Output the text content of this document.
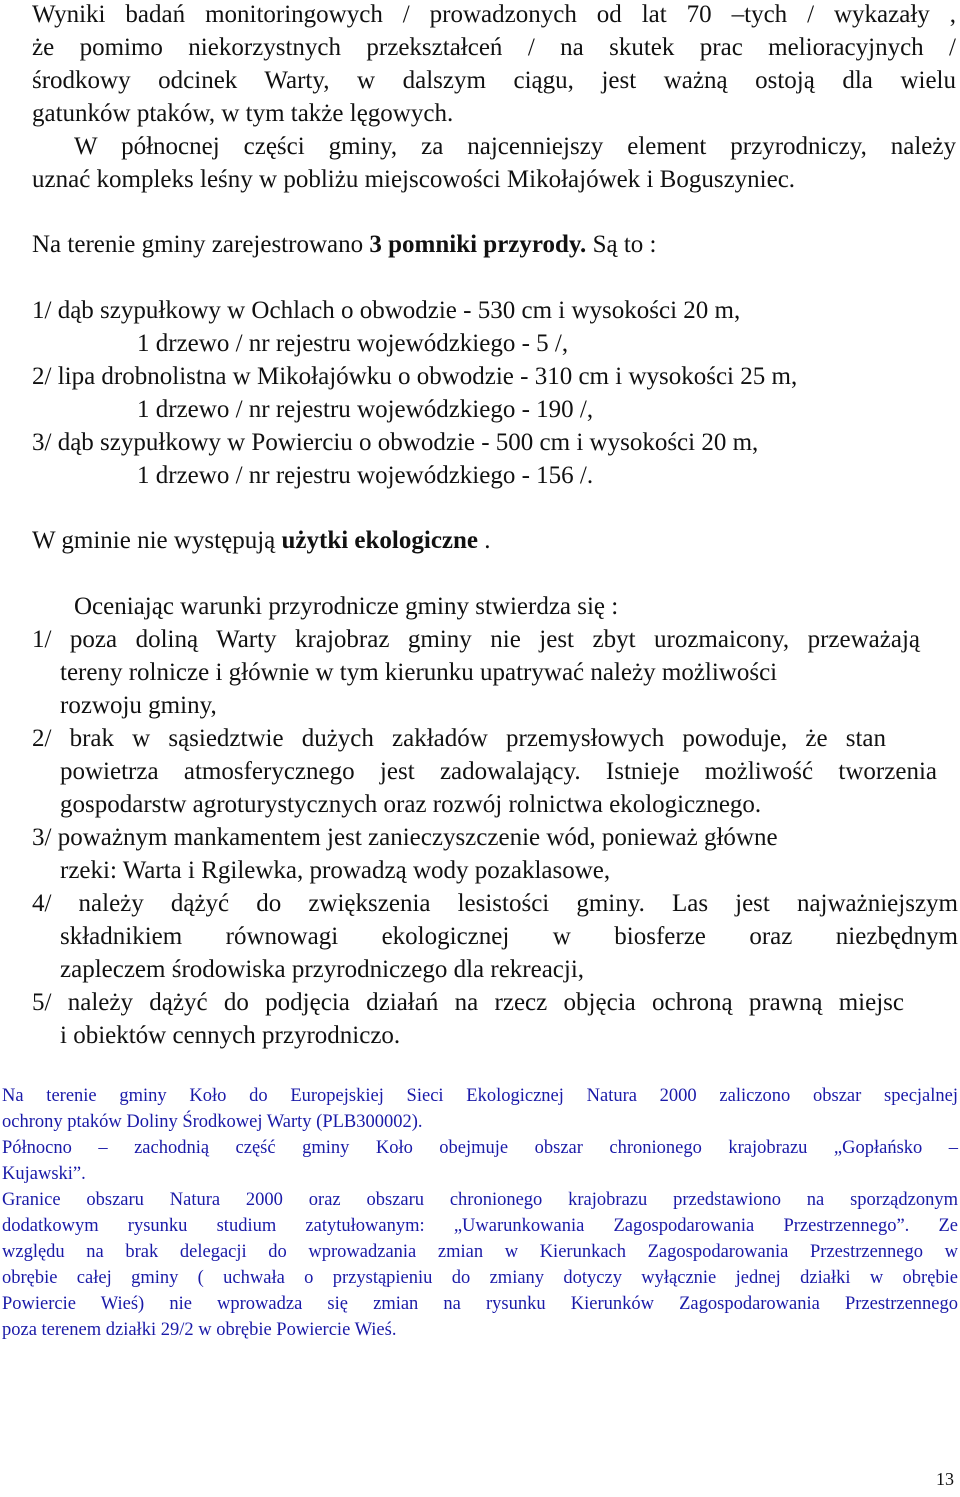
Wyniki badań monitoringowych / prowadzonych od lat 70 –tych / wykazały ,
że pomimo niekorzystnych przekształceń / na skutek prac melioracyjnych /
środkowy odcinek Warty, w dalszym ciągu, jest ważną ostoją dla wielu
gatunków ptaków, w tym także lęgowych.
W północnej części gminy, za najcenniejszy element przyrodniczy, należy
uznać kompleks leśny w pobliżu miejscowości Mikołajówek i Boguszyniec.
Na terenie gminy zarejestrowano 3 pomniki przyrody. Są to :
1/ dąb szypułkowy w Ochlach o obwodzie - 530 cm i wysokości 20 m,
1 drzewo / nr rejestru wojewódzkiego - 5 /,
2/ lipa drobnolistna w Mikołajówku o obwodzie - 310 cm i wysokości 25 m,
1 drzewo / nr rejestru wojewódzkiego - 190 /,
3/ dąb szypułkowy w Powierciu o obwodzie - 500 cm i wysokości 20 m,
1 drzewo / nr rejestru wojewódzkiego - 156 /.
W gminie nie występują użytki ekologiczne .
Oceniając warunki przyrodnicze gminy stwierdza się :
1/ poza doliną Warty krajobraz gminy nie jest zbyt urozmaicony, przeważają
tereny rolnicze i głównie w tym kierunku upatrywać należy możliwości
rozwoju gminy,
2/ brak w sąsiedztwie dużych zakładów przemysłowych powoduje, że stan
powietrza atmosferycznego jest zadowalający. Istnieje możliwość tworzenia
gospodarstw agroturystycznych oraz rozwój rolnictwa ekologicznego.
3/ poważnym mankamentem jest zanieczyszczenie wód, ponieważ główne
rzeki: Warta i Rgilewka, prowadzą wody pozaklasowe,
4/ należy dążyć do zwiększenia lesistości gminy. Las jest najważniejszym
składnikiem równowagi ekologicznej w biosferze oraz niezbędnym
zapleczem środowiska przyrodniczego dla rekreacji,
5/ należy dążyć do podjęcia działań na rzecz objęcia ochroną prawną miejsc
i obiektów cennych przyrodniczo.
Na terenie gminy Koło do Europejskiej Sieci Ekologicznej Natura 2000 zaliczono obszar specjalnej
ochrony ptaków Doliny Środkowej Warty (PLB300002).
Północno – zachodnią część gminy Koło obejmuje obszar chronionego krajobrazu „Gopłańsko –
Kujawski”.
Granice obszaru Natura 2000 oraz obszaru chronionego krajobrazu przedstawiono na sporządzonym
dodatkowym rysunku studium zatytułowanym: „Uwarunkowania Zagospodarowania Przestrzennego”. Ze
względu na brak delegacji do wprowadzania zmian w Kierunkach Zagospodarowania Przestrzennego w
obrębie całej gminy ( uchwała o przystąpieniu do zmiany dotyczy wyłącznie jednej działki w obrębie
Powiercie Wieś) nie wprowadza się zmian na rysunku Kierunków Zagospodarowania Przestrzennego
poza terenem działki 29/2 w obrębie Powiercie Wieś.
13
